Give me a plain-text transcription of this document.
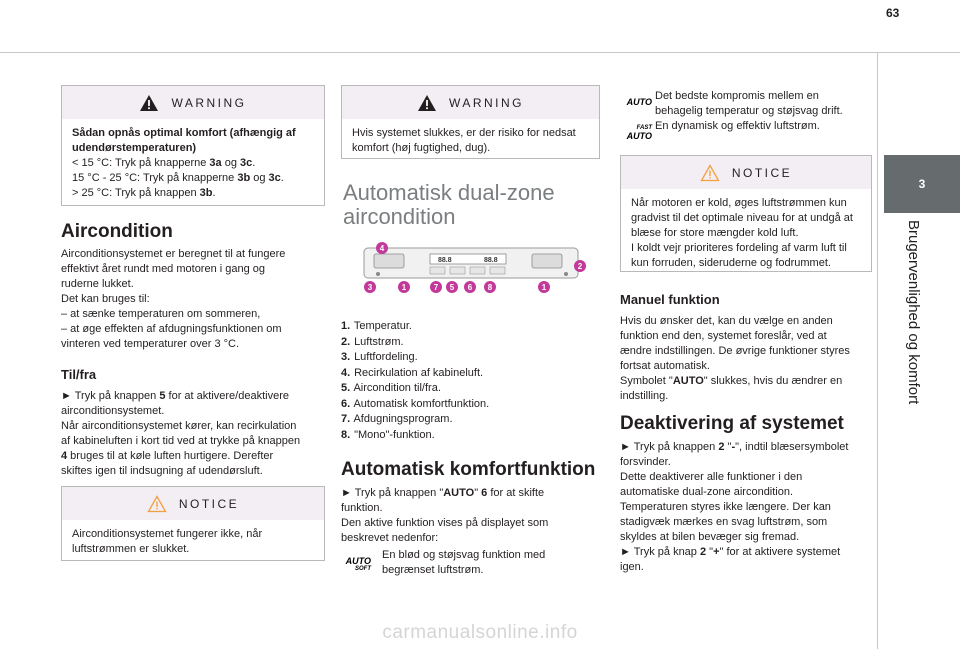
63
3
Brugervenlighed og komfort
WARNING
Sådan opnås optimal komfort (afhængig af udendørstemperaturen)
< 15 °C: Tryk på knapperne 3a og 3c.
15 °C - 25 °C: Tryk på knapperne 3b og 3c.
> 25 °C: Tryk på knappen 3b.
Aircondition
Airconditionsystemet er beregnet til at fungere
effektivt året rundt med motoren i gang og
ruderne lukket.
Det kan bruges til:
– at sænke temperaturen om sommeren,
– at øge effekten af afdugningsfunktionen om
vinteren ved temperaturer over 3 °C.
Til/fra
► Tryk på knappen 5 for at aktivere/deaktivere
airconditionsystemet.
Når airconditionsystemet kører, kan recirkulation
af kabineluften i kort tid ved at trykke på knappen
4 bruges til at køle luften hurtigere. Derefter
skiftes igen til indsugning af udendørsluft.
NOTICE
Airconditionsystemet fungerer ikke, når
luftstrømmen er slukket.
WARNING
Hvis systemet slukkes, er der risiko for nedsat
komfort (høj fugtighed, dug).
Automatisk dual-zone
aircondition
88.8	88.8
4
2
3	1	7 5 6 8	1
1. Temperatur.
2. Luftstrøm.
3. Luftfordeling.
4. Recirkulation af kabineluft.
5. Aircondition til/fra.
6. Automatisk komfortfunktion.
7. Afdugningsprogram.
8. "Mono"-funktion.
Automatisk komfortfunktion
► Tryk på knappen "AUTO" 6 for at skifte
funktion.
Den aktive funktion vises på displayet som
beskrevet nedenfor:
AUTO
SOFT
En blød og støjsvag funktion med
begrænset luftstrøm.
AUTO Det bedste kompromis mellem en
behagelig temperatur og støjsvag drift.
En dynamisk og effektiv luftstrøm.
FAST
AUTO
NOTICE
Når motoren er kold, øges luftstrømmen kun
gradvist til det optimale niveau for at undgå at
blæse for store mængder kold luft.
I koldt vejr prioriteres fordeling af varm luft til
kun forruden, sideruderne og fodrummet.
Manuel funktion
Hvis du ønsker det, kan du vælge en anden
funktion end den, systemet foreslår, ved at
ændre indstillingen. De øvrige funktioner styres
fortsat automatisk.
Symbolet "AUTO" slukkes, hvis du ændrer en
indstilling.
Deaktivering af systemet
► Tryk på knappen 2 "-", indtil blæsersymbolet
forsvinder.
Dette deaktiverer alle funktioner i den
automatiske dual-zone aircondition.
Temperaturen styres ikke længere. Der kan
stadigvæk mærkes en svag luftstrøm, som
skyldes at bilen bevæger sig fremad.
► Tryk på knap 2 "+" for at aktivere systemet
igen.
carmanualsonline.info
